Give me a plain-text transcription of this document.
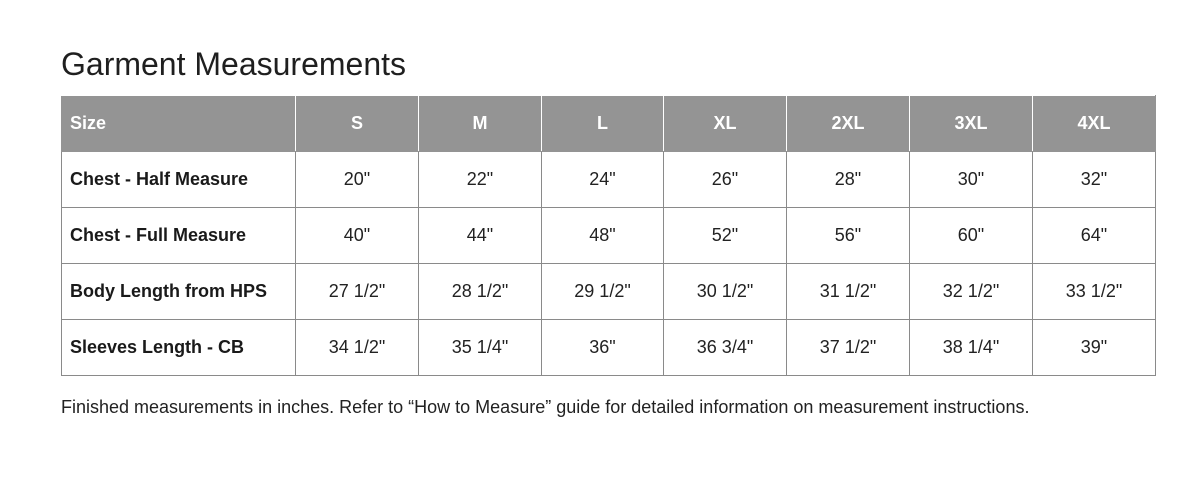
Garment Measurements
Size	S	M	L	XL	2XL	3XL	4XL
Chest - Half Measure	20"	22"	24"	26"	28"	30"	32"
Chest - Full Measure	40"	44"	48"	52"	56"	60"	64"
Body Length from HPS	27 1/2"	28 1/2"	29 1/2"	30 1/2"	31 1/2"	32 1/2"	33 1/2"
Sleeves Length - CB	34 1/2"	35 1/4"	36"	36 3/4"	37 1/2"	38 1/4"	39"

Finished measurements in inches. Refer to “How to Measure” guide for detailed information on measurement instructions.
